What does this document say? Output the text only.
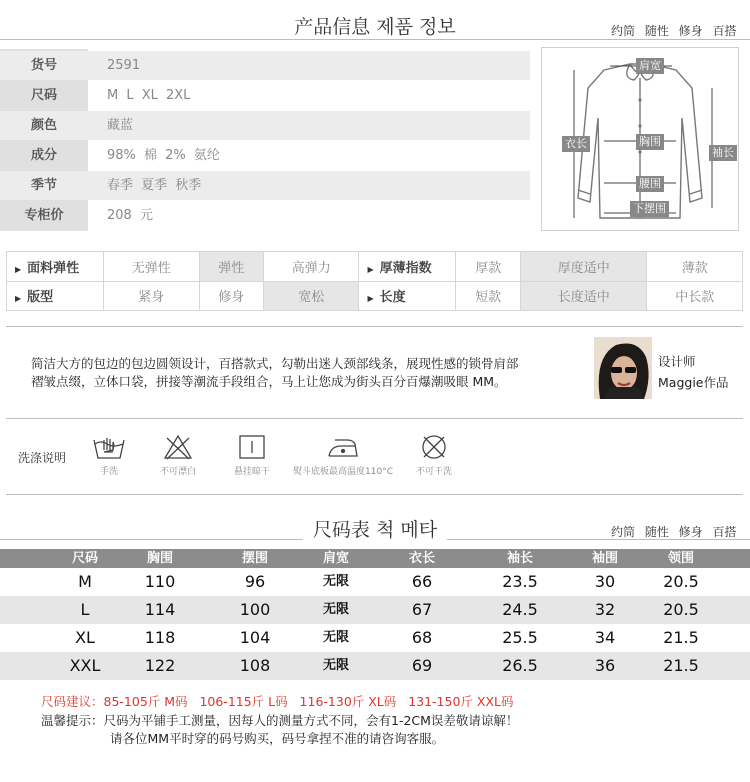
产品信息 제품 정보	约筒 随性 修身 百搭
货号	2591
尺码	M L XL 2XL
颜色	藏蓝
成分	98% 棉 2% 氨纶
季节	春季 夏季 秋季
专柜价	208 元
肩宽
衣长	胸围
袖长
腰围
下摆围
▶ 面料弹性	无弹性	弹性	高弹力	▶ 厚薄指数	厚款	厚度适中	薄款
▶ 版型	紧身	修身	宽松	▶ 长度	短款	长度适中	中长款
简洁大方的包边的包边圆领设计，百搭款式，勾勒出迷人颈部线条，展现性感的锁骨肩部
褶皱点缀，立体口袋，拼接等潮流手段组合，马上让您成为街头百分百爆潮吸眼 MM。
设计师
Maggie作品
洗涤说明
手洗	不可漂白	悬挂晾干	熨斗底板最高温度110°C	不可干洗
尺码表 척 메타	约筒 随性 修身 百搭
尺码	胸围	摆围	肩宽	衣长	袖长	袖围	领围
M	110	96	无限	66	23.5	30	20.5
L	114	100	无限	67	24.5	32	20.5
XL	118	104	无限	68	25.5	34	21.5
XXL	122	108	无限	69	26.5	36	21.5
尺码建议：85-105斤 M码   106-115斤 L码   116-130斤 XL码   131-150斤 XXL码
温馨提示：尺码为平铺手工测量，因每人的测量方式不同，会有1-2CM误差敬请谅解！
请各位MM平时穿的码号购买，码号拿捏不准的请咨询客服。
